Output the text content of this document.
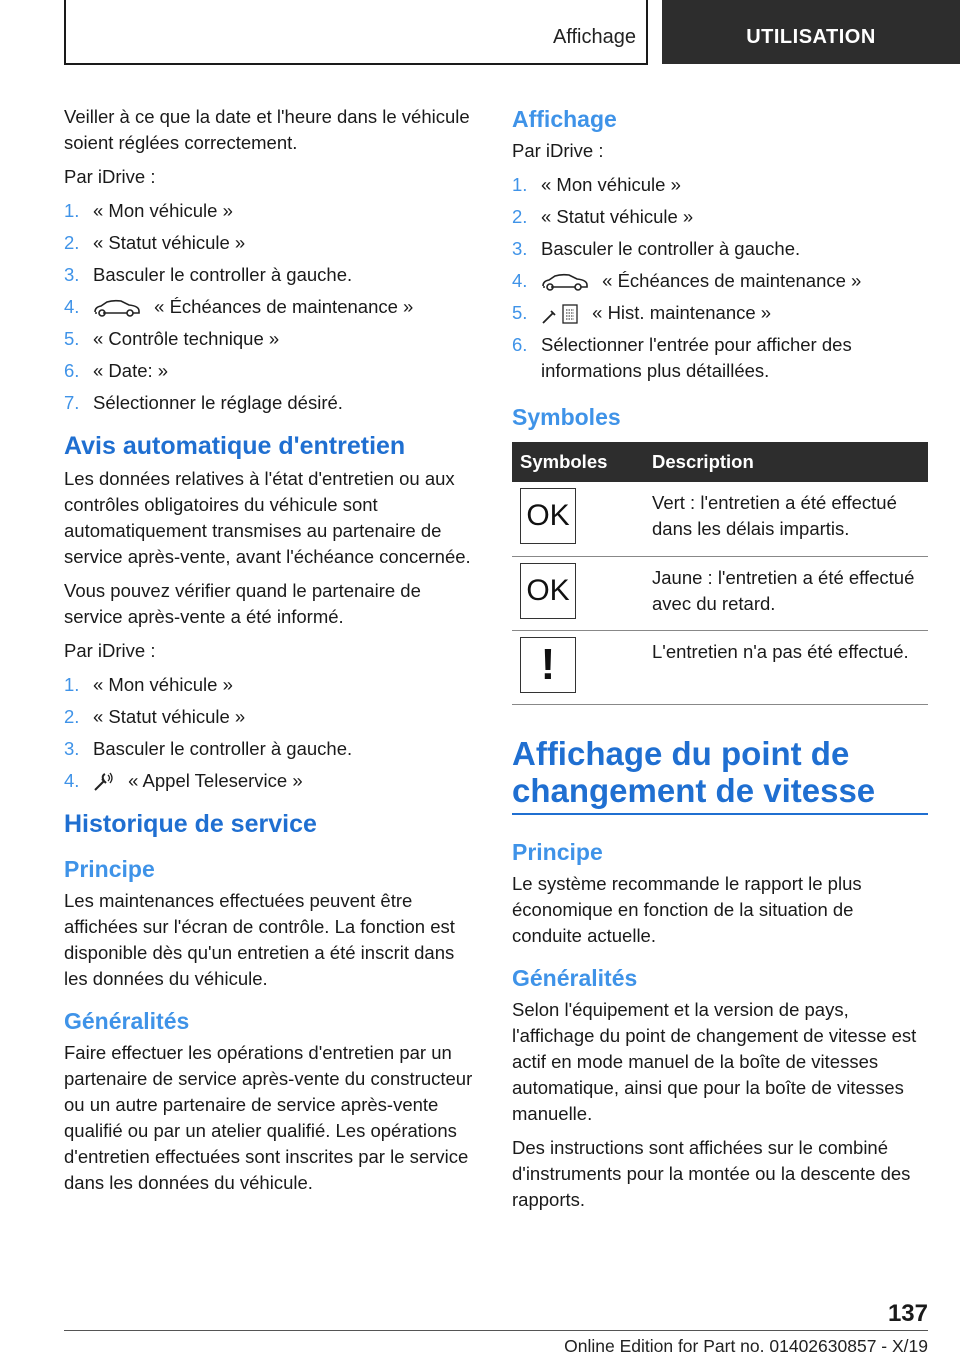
Affichage	UTILISATION

Veiller à ce que la date et l'heure dans le véhicule soient réglées correctement.

Par iDrive :

1. « Mon véhicule »
2. « Statut véhicule »
3. Basculer le controller à gauche.
4.	« Échéances de maintenance »
5. « Contrôle technique »
6. « Date: »
7. Sélectionner le réglage désiré.
Avis automatique d'entretien

Les données relatives à l'état d'entretien ou aux contrôles obligatoires du véhicule sont automatiquement transmises au partenaire de service après-vente, avant l'échéance concernée.

Vous pouvez vérifier quand le partenaire de service après-vente a été informé.

Par iDrive :

1. « Mon véhicule »
2. « Statut véhicule »
3. Basculer le controller à gauche.
4.	« Appel Teleservice »
Historique de service
Principe

Les maintenances effectuées peuvent être affichées sur l'écran de contrôle. La fonction est disponible dès qu'un entretien a été inscrit dans les données du véhicule.

Généralités

Faire effectuer les opérations d'entretien par un partenaire de service après-vente du constructeur ou un autre partenaire de service après-vente qualifié ou par un atelier qualifié. Les opérations d'entretien effectuées sont inscrites par le service dans les données du véhicule.

Affichage

Par iDrive :

1. « Mon véhicule »
2. « Statut véhicule »
3. Basculer le controller à gauche.
4.	« Échéances de maintenance »
5.	« Hist. maintenance »
6. Sélectionner l'entrée pour afficher des informations plus détaillées.
Symboles
Symboles	Description

OK	Vert : l'entretien a été effectué dans les délais impartis.

OK	Jaune : l'entretien a été effectué avec du retard.

!	L'entretien n'a pas été effectué.
Affichage du point de changement de vitesse
Principe

Le système recommande le rapport le plus économique en fonction de la situation de conduite actuelle.

Généralités

Selon l'équipement et la version de pays, l'affichage du point de changement de vitesse est actif en mode manuel de la boîte de vitesses automatique, ainsi que pour la boîte de vitesses manuelle.

Des instructions sont affichées sur le combiné d'instruments pour la montée ou la descente des rapports.

137
Online Edition for Part no. 01402630857 - X/19
